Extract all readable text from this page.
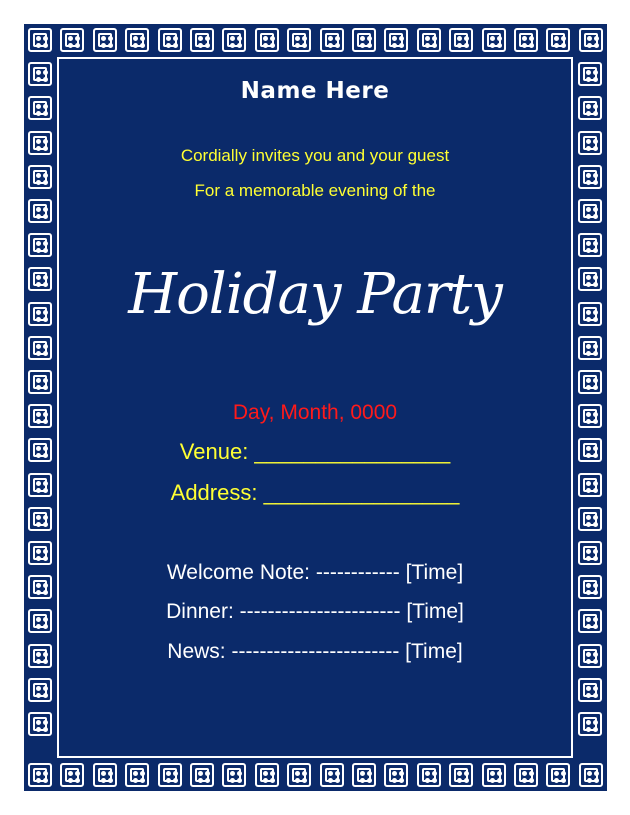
Name Here
Cordially invites you and your guest
For a memorable evening of the
Holiday Party
Day, Month, 0000
Venue: ________________
Address: ________________
Welcome Note: ------------ [Time]
Dinner: ----------------------- [Time]
News: ------------------------ [Time]
